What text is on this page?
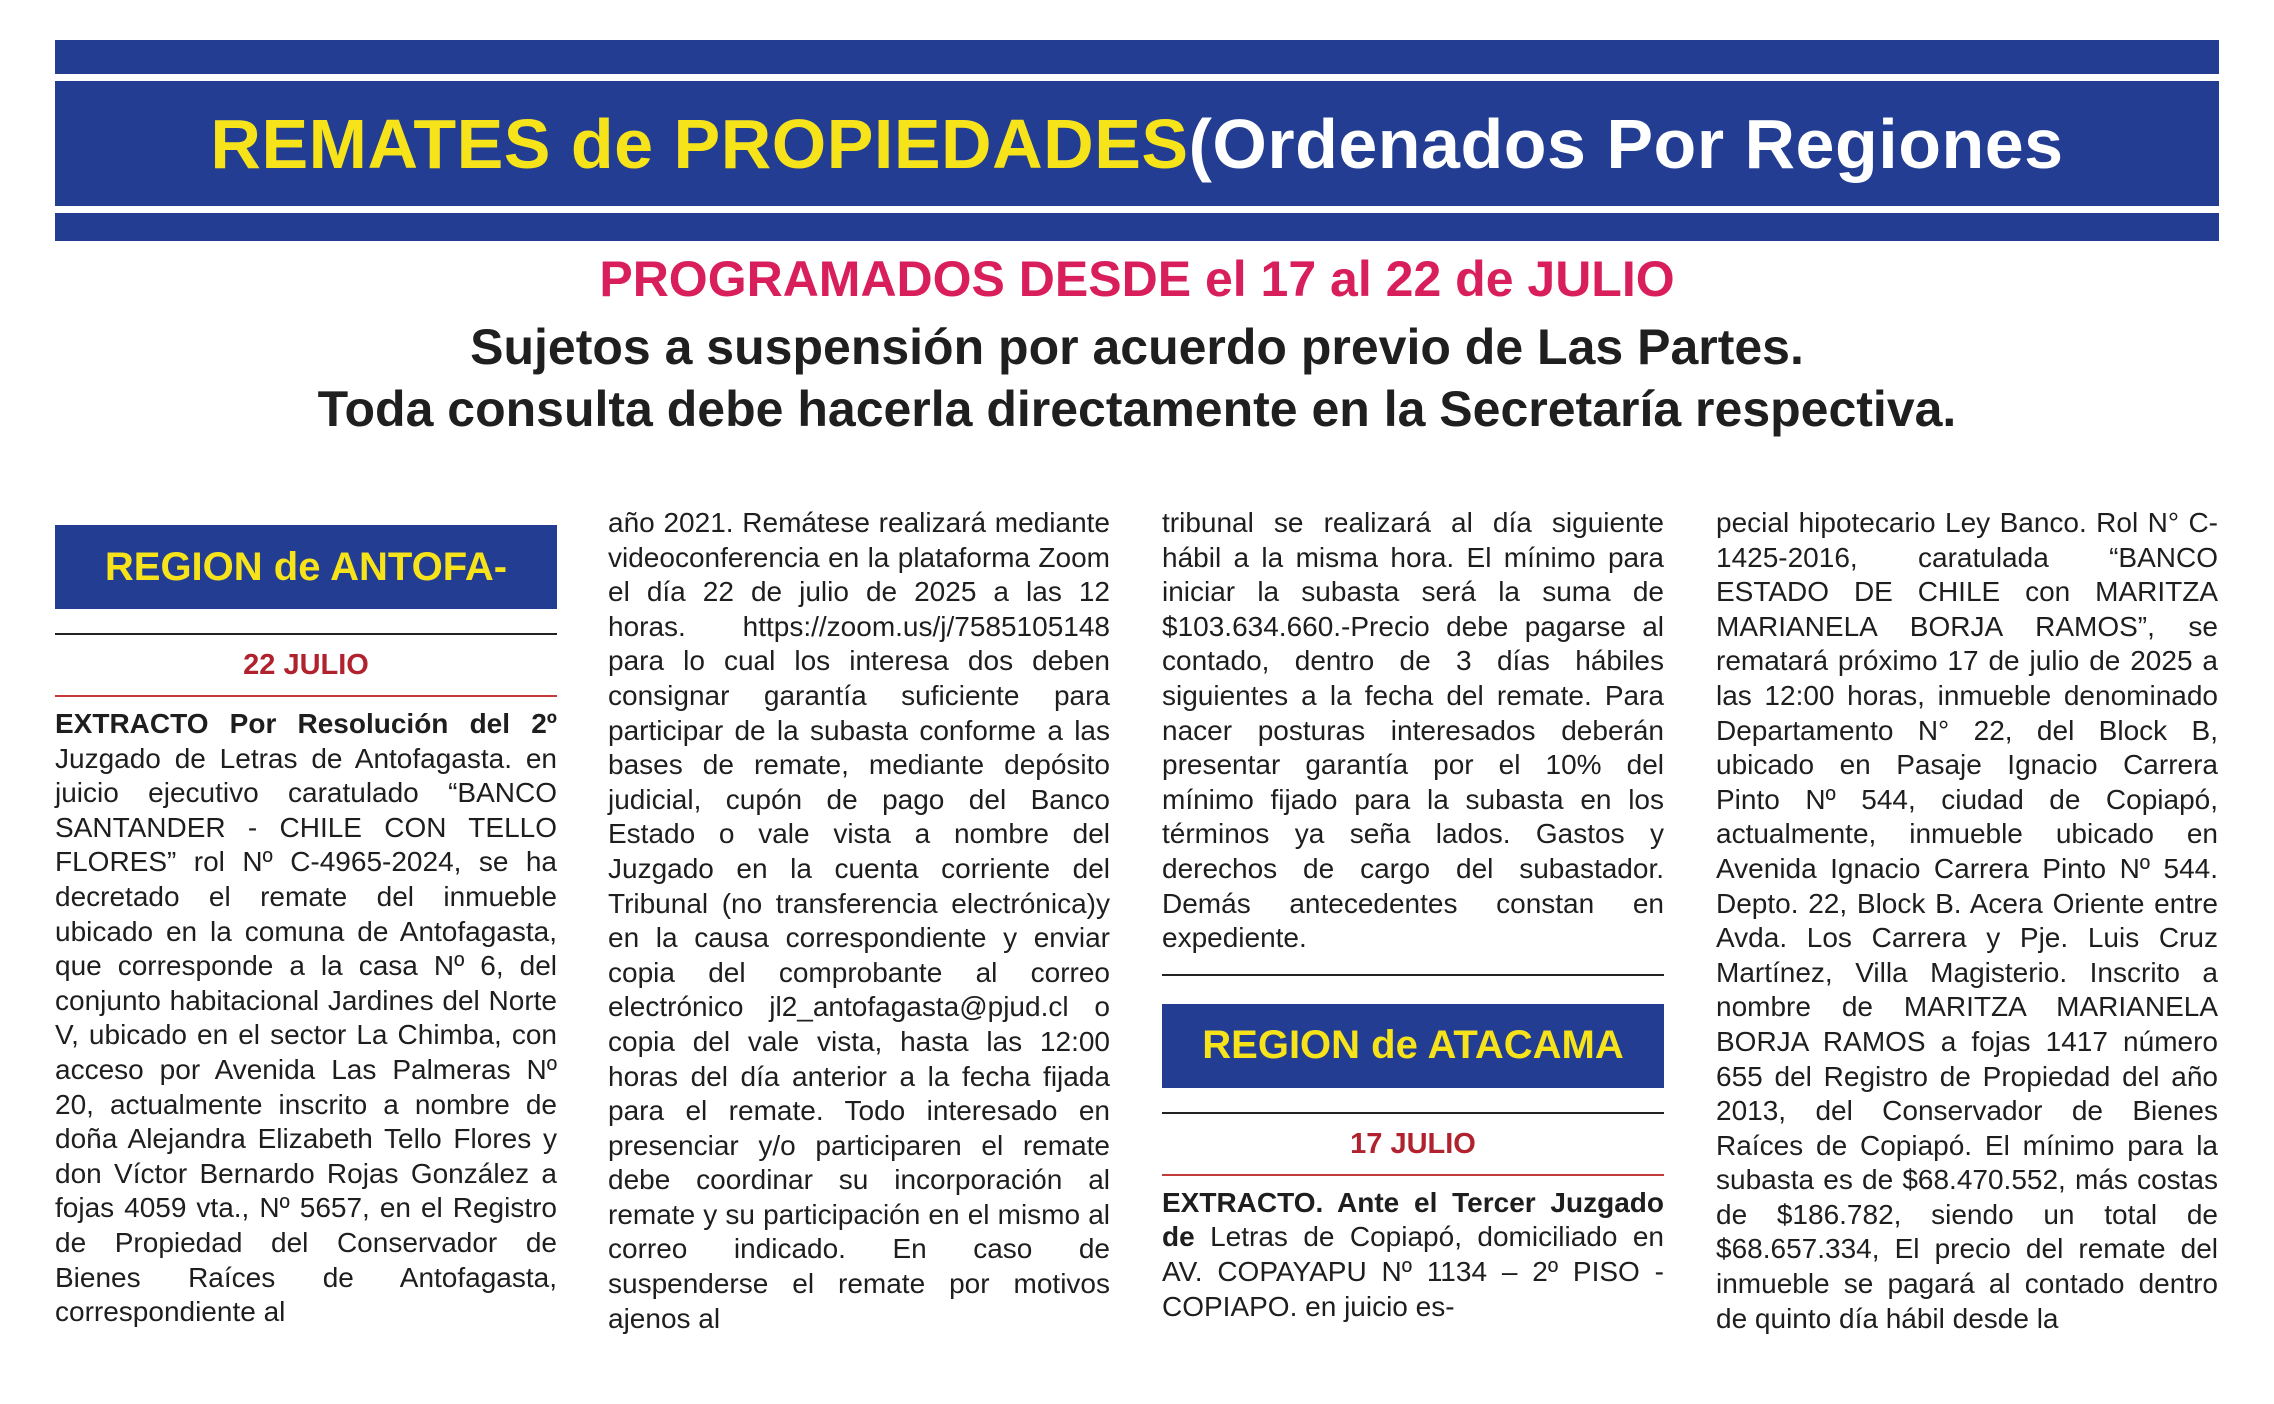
REMATES de PROPIEDADES (Ordenados Por Regiones

PROGRAMADOS DESDE el 17 al 22 de JULIO

Sujetos a suspensión por acuerdo previo de Las Partes.

Toda consulta debe hacerla directamente en la Secretaría respectiva.

REGION de ANTOFA-
22 JULIO

EXTRACTO Por Resolución del 2º Juzgado de Letras de Antofagasta. en juicio ejecutivo caratulado “BANCO SANTANDER - CHILE CON TELLO FLORES” rol Nº C-4965-2024, se ha decretado el remate del inmueble ubicado en la comuna de Antofagasta, que corresponde a la casa Nº 6, del conjunto habitacional Jardines del Norte V, ubicado en el sector La Chimba, con acceso por Avenida Las Palmeras Nº 20, actualmente inscrito a nombre de doña Alejandra Elizabeth Tello Flores y don Víctor Bernardo Rojas González a fojas 4059 vta., Nº 5657, en el Registro de Propiedad del Conservador de Bienes Raíces de Antofagasta, correspondiente al

año 2021. Remátese realizará mediante videoconferencia en la plataforma Zoom el día 22 de julio de 2025 a las 12 horas. https://zoom.us/j/7585105148 para lo cual los interesa dos deben consignar garantía suficiente para participar de la subasta conforme a las bases de remate, mediante depósito judicial, cupón de pago del Banco Estado o vale vista a nombre del Juzgado en la cuenta corriente del Tribunal (no transferencia electrónica)y en la causa correspondiente y enviar copia del comprobante al correo electrónico jl2_antofagasta@pjud.cl o copia del vale vista, hasta las 12:00 horas del día anterior a la fecha fijada para el remate. Todo interesado en presenciar y/o participaren el remate debe coordinar su incorporación al remate y su participación en el mismo al correo indicado. En caso de suspenderse el remate por motivos ajenos al

tribunal se realizará al día siguiente hábil a la misma hora. El mínimo para iniciar la subasta será la suma de $103.634.660.-Precio debe pagarse al contado, dentro de 3 días hábiles siguientes a la fecha del remate. Para nacer posturas interesados deberán presentar garantía por el 10% del mínimo fijado para la subasta en los términos ya seña lados. Gastos y derechos de cargo del subastador. Demás antecedentes constan en expediente.

REGION de ATACAMA
17 JULIO

EXTRACTO. Ante el Tercer Juzgado de Letras de Copiapó, domiciliado en AV. COPAYAPU Nº 1134 – 2º PISO - COPIAPO. en juicio es-

pecial hipotecario Ley Banco. Rol N° C-1425-2016, caratulada “BANCO ESTADO DE CHILE con MARITZA MARIANELA BORJA RAMOS”, se rematará próximo 17 de julio de 2025 a las 12:00 horas, inmueble denominado Departamento N° 22, del Block B, ubicado en Pasaje Ignacio Carrera Pinto Nº 544, ciudad de Copiapó, actualmente, inmueble ubicado en Avenida Ignacio Carrera Pinto Nº 544. Depto. 22, Block B. Acera Oriente entre Avda. Los Carrera y Pje. Luis Cruz Martínez, Villa Magisterio. Inscrito a nombre de MARITZA MARIANELA BORJA RAMOS a fojas 1417 número 655 del Registro de Propiedad del año 2013, del Conservador de Bienes Raíces de Copiapó. El mínimo para la subasta es de $68.470.552, más costas de $186.782, siendo un total de $68.657.334, El precio del remate del inmueble se pagará al contado dentro de quinto día hábil desde la
